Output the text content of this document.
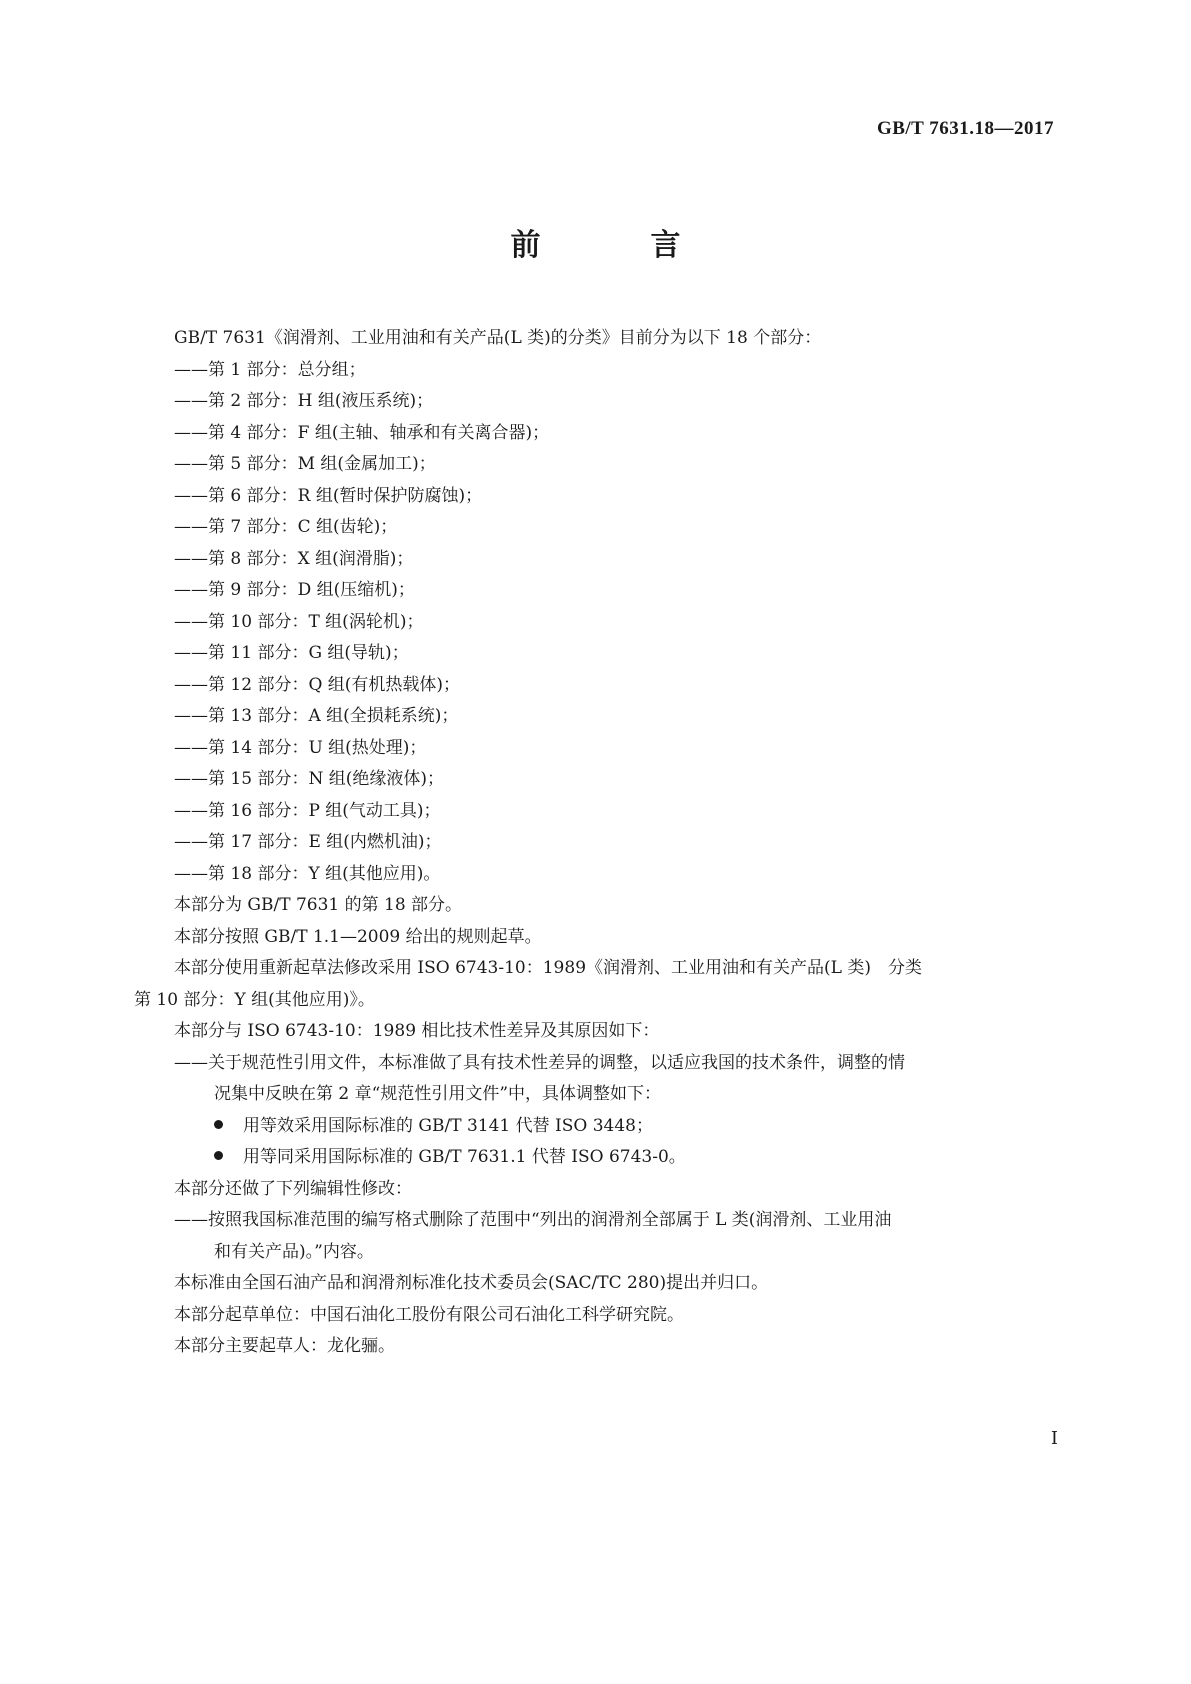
GB/T 7631.18—2017
前　言
GB/T 7631《润滑剂、工业用油和有关产品(L 类)的分类》目前分为以下 18 个部分：
——第 1 部分：总分组；
——第 2 部分：H 组(液压系统)；
——第 4 部分：F 组(主轴、轴承和有关离合器)；
——第 5 部分：M 组(金属加工)；
——第 6 部分：R 组(暂时保护防腐蚀)；
——第 7 部分：C 组(齿轮)；
——第 8 部分：X 组(润滑脂)；
——第 9 部分：D 组(压缩机)；
——第 10 部分：T 组(涡轮机)；
——第 11 部分：G 组(导轨)；
——第 12 部分：Q 组(有机热载体)；
——第 13 部分：A 组(全损耗系统)；
——第 14 部分：U 组(热处理)；
——第 15 部分：N 组(绝缘液体)；
——第 16 部分：P 组(气动工具)；
——第 17 部分：E 组(内燃机油)；
——第 18 部分：Y 组(其他应用)。
本部分为 GB/T 7631 的第 18 部分。
本部分按照 GB/T 1.1—2009 给出的规则起草。
本部分使用重新起草法修改采用 ISO 6743-10：1989《润滑剂、工业用油和有关产品(L 类)　分类
第 10 部分：Y 组(其他应用)》。
本部分与 ISO 6743-10：1989 相比技术性差异及其原因如下：
——关于规范性引用文件，本标准做了具有技术性差异的调整，以适应我国的技术条件，调整的情
况集中反映在第 2 章“规范性引用文件”中，具体调整如下：
用等效采用国际标准的 GB/T 3141 代替 ISO 3448；
用等同采用国际标准的 GB/T 7631.1 代替 ISO 6743-0。
本部分还做了下列编辑性修改：
——按照我国标准范围的编写格式删除了范围中“列出的润滑剂全部属于 L 类(润滑剂、工业用油
和有关产品)。”内容。
本标准由全国石油产品和润滑剂标准化技术委员会(SAC/TC 280)提出并归口。
本部分起草单位：中国石油化工股份有限公司石油化工科学研究院。
本部分主要起草人：龙化骊。
I
